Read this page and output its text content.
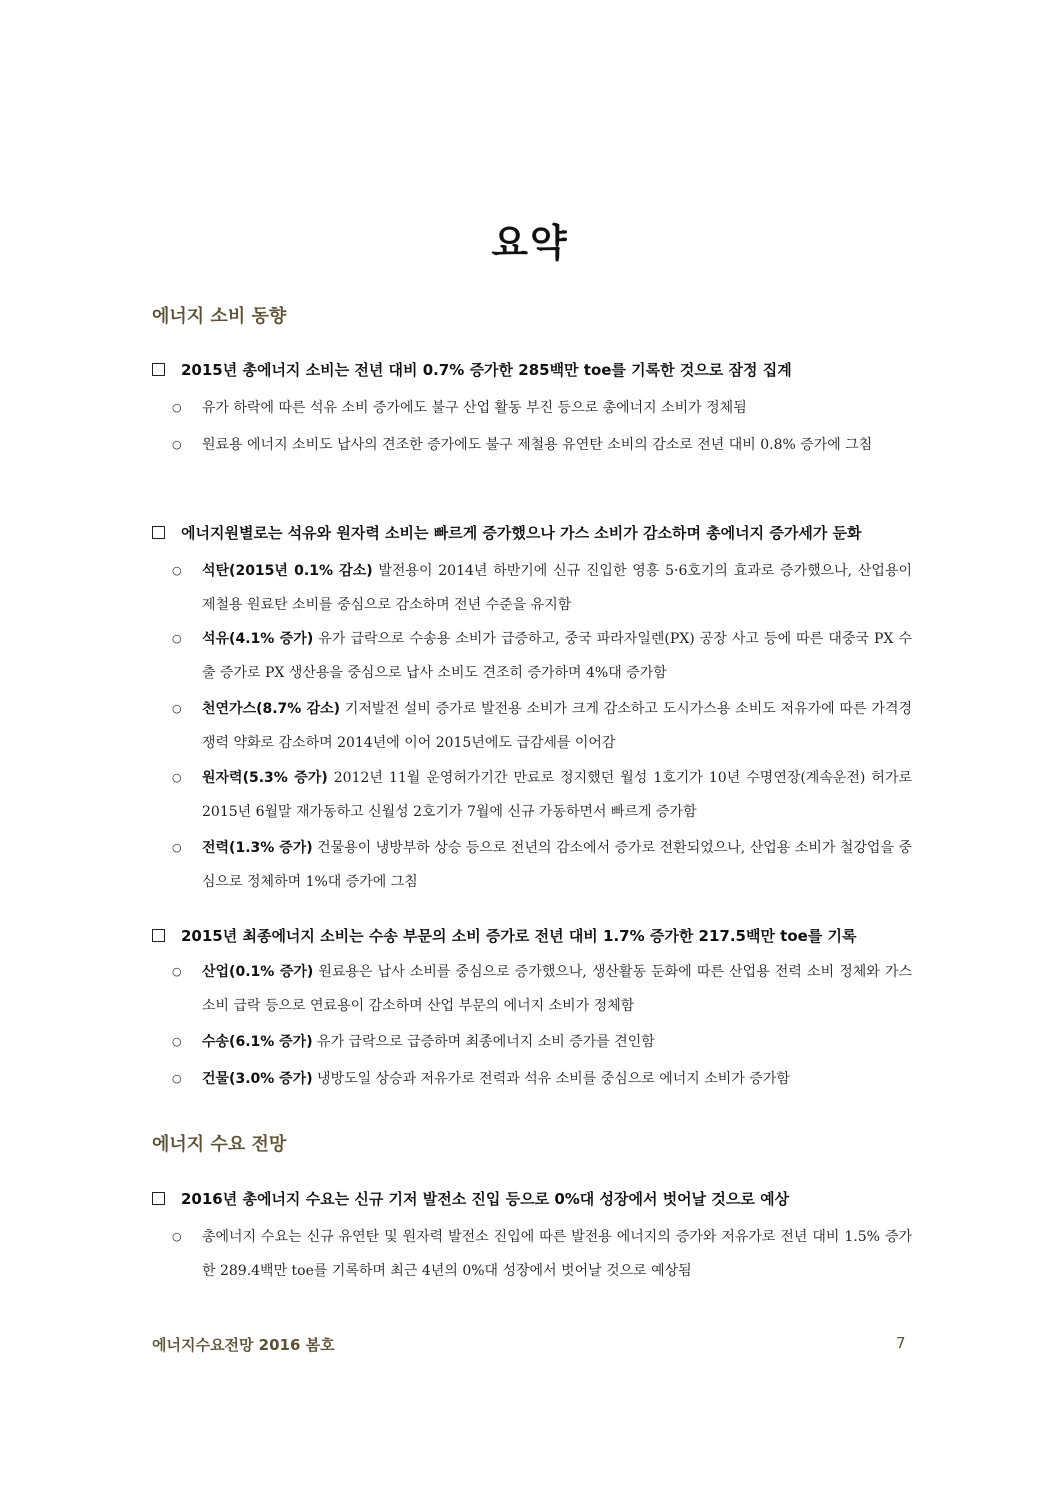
요약
에너지 소비 동향
2015년 총에너지 소비는 전년 대비 0.7% 증가한 285백만 toe를 기록한 것으로 잠정 집계
○ 유가 하락에 따른 석유 소비 증가에도 불구 산업 활동 부진 등으로 총에너지 소비가 정체됨
○ 원료용 에너지 소비도 납사의 견조한 증가에도 불구 제철용 유연탄 소비의 감소로 전년 대비 0.8% 증가에 그침
에너지원별로는 석유와 원자력 소비는 빠르게 증가했으나 가스 소비가 감소하며 총에너지 증가세가 둔화
○ 석탄(2015년 0.1% 감소) 발전용이 2014년 하반기에 신규 진입한 영흥 5·6호기의 효과로 증가했으나, 산업용이 제철용 원료탄 소비를 중심으로 감소하며 전년 수준을 유지함
○ 석유(4.1% 증가) 유가 급락으로 수송용 소비가 급증하고, 중국 파라자일렌(PX) 공장 사고 등에 따른 대중국 PX 수출 증가로 PX 생산용을 중심으로 납사 소비도 견조히 증가하며 4%대 증가함
○ 천연가스(8.7% 감소) 기저발전 설비 증가로 발전용 소비가 크게 감소하고 도시가스용 소비도 저유가에 따른 가격경쟁력 약화로 감소하며 2014년에 이어 2015년에도 급감세를 이어감
○ 원자력(5.3% 증가) 2012년 11월 운영허가기간 만료로 정지했던 월성 1호기가 10년 수명연장(계속운전) 허가로 2015년 6월말 재가동하고 신월성 2호기가 7월에 신규 가동하면서 빠르게 증가함
○ 전력(1.3% 증가) 건물용이 냉방부하 상승 등으로 전년의 감소에서 증가로 전환되었으나, 산업용 소비가 철강업을 중심으로 정체하며 1%대 증가에 그침
2015년 최종에너지 소비는 수송 부문의 소비 증가로 전년 대비 1.7% 증가한 217.5백만 toe를 기록
○ 산업(0.1% 증가) 원료용은 납사 소비를 중심으로 증가했으나, 생산활동 둔화에 따른 산업용 전력 소비 정체와 가스 소비 급락 등으로 연료용이 감소하며 산업 부문의 에너지 소비가 정체함
○ 수송(6.1% 증가) 유가 급락으로 급증하며 최종에너지 소비 증가를 견인함
○ 건물(3.0% 증가) 냉방도일 상승과 저유가로 전력과 석유 소비를 중심으로 에너지 소비가 증가함
에너지 수요 전망
2016년 총에너지 수요는 신규 기저 발전소 진입 등으로 0%대 성장에서 벗어날 것으로 예상
○ 총에너지 수요는 신규 유연탄 및 원자력 발전소 진입에 따른 발전용 에너지의 증가와 저유가로 전년 대비 1.5% 증가한 289.4백만 toe를 기록하며 최근 4년의 0%대 성장에서 벗어날 것으로 예상됨
에너지수요전망 2016 봄호	7
